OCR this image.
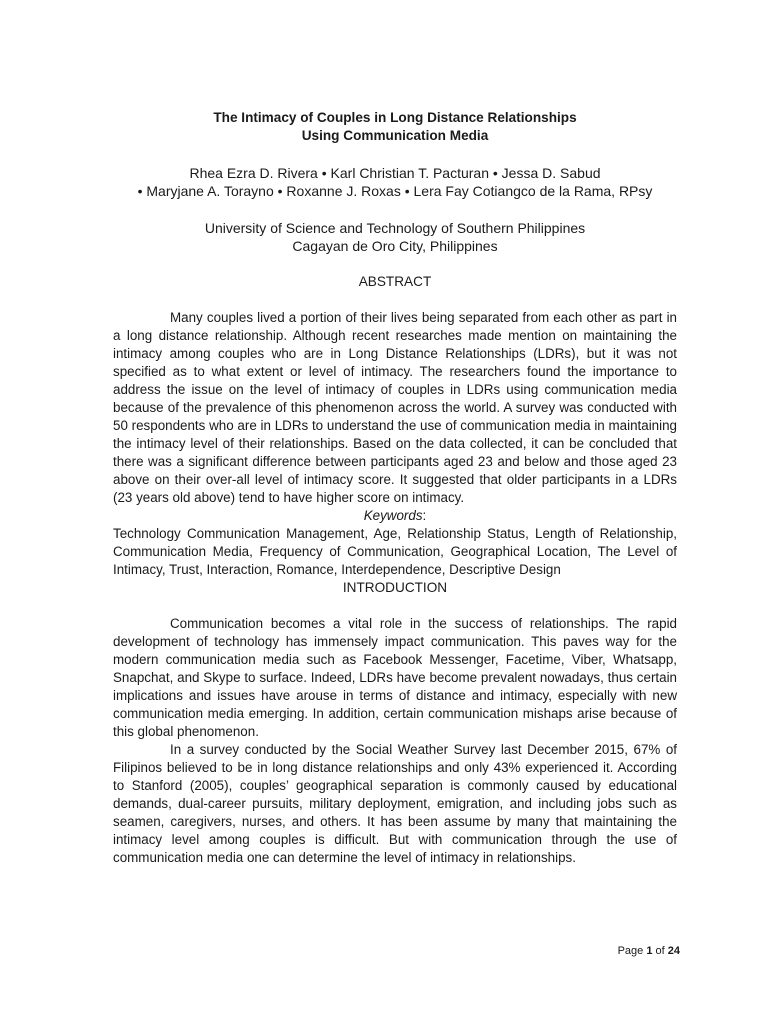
The Intimacy of Couples in Long Distance Relationships
Using Communication Media
Rhea Ezra D. Rivera • Karl Christian T. Pacturan • Jessa D. Sabud
• Maryjane A. Torayno • Roxanne J. Roxas • Lera Fay Cotiangco de la Rama, RPsy
University of Science and Technology of Southern Philippines
Cagayan de Oro City, Philippines
ABSTRACT

Many couples lived a portion of their lives being separated from each other as part in a long distance relationship. Although recent researches made mention on maintaining the intimacy among couples who are in Long Distance Relationships (LDRs), but it was not specified as to what extent or level of intimacy. The researchers found the importance to address the issue on the level of intimacy of couples in LDRs using communication media because of the prevalence of this phenomenon across the world. A survey was conducted with 50 respondents who are in LDRs to understand the use of communication media in maintaining the intimacy level of their relationships. Based on the data collected, it can be concluded that there was a significant difference between participants aged 23 and below and those aged 23 above on their over-all level of intimacy score. It suggested that older participants in a LDRs (23 years old above) tend to have higher score on intimacy.

Keywords:

Technology Communication Management, Age, Relationship Status, Length of Relationship, Communication Media, Frequency of Communication, Geographical Location, The Level of Intimacy, Trust, Interaction, Romance, Interdependence, Descriptive Design

INTRODUCTION

Communication becomes a vital role in the success of relationships. The rapid development of technology has immensely impact communication. This paves way for the modern communication media such as Facebook Messenger, Facetime, Viber, Whatsapp, Snapchat, and Skype to surface. Indeed, LDRs have become prevalent nowadays, thus certain implications and issues have arouse in terms of distance and intimacy, especially with new communication media emerging. In addition, certain communication mishaps arise because of this global phenomenon.

In a survey conducted by the Social Weather Survey last December 2015, 67% of Filipinos believed to be in long distance relationships and only 43% experienced it. According to Stanford (2005), couples’ geographical separation is commonly caused by educational demands, dual-career pursuits, military deployment, emigration, and including jobs such as seamen, caregivers, nurses, and others. It has been assume by many that maintaining the intimacy level among couples is difficult. But with communication through the use of communication media one can determine the level of intimacy in relationships.

Page 1 of 24
